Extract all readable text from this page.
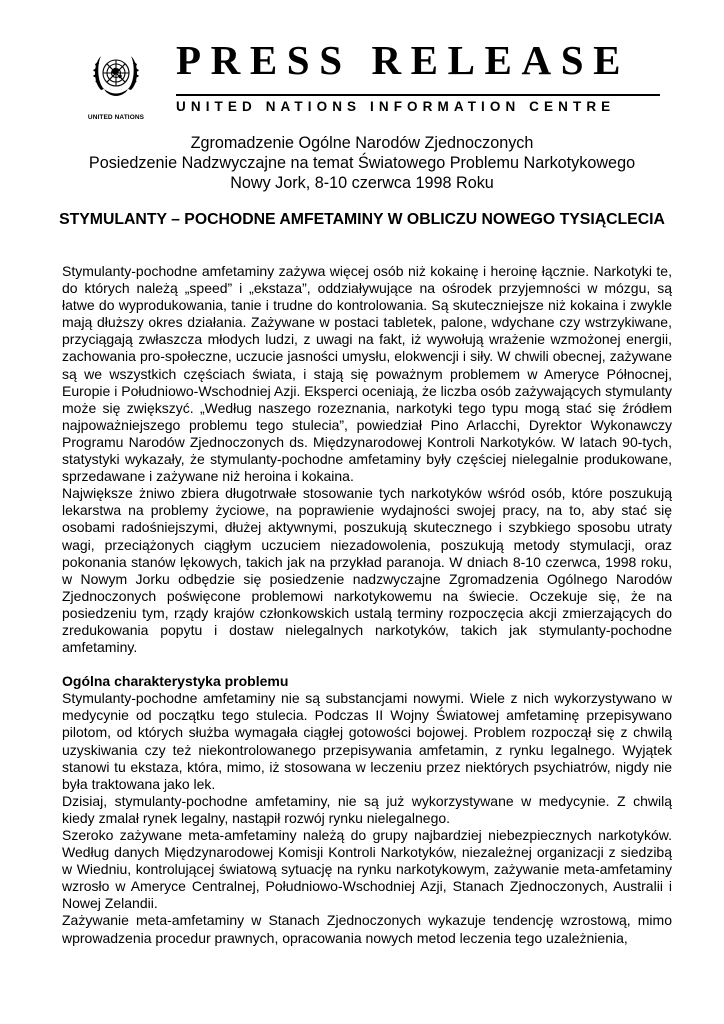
UNITED NATIONS
PRESS RELEASE
UNITED NATIONS INFORMATION CENTRE
Zgromadzenie Ogólne Narodów Zjednoczonych
Posiedzenie Nadzwyczajne na temat Światowego Problemu Narkotykowego
Nowy Jork, 8-10 czerwca 1998 Roku
STYMULANTY – POCHODNE AMFETAMINY W OBLICZU NOWEGO TYSIĄCLECIA

Stymulanty-pochodne amfetaminy zażywa więcej osób niż kokainę i heroinę łącznie. Narkotyki te, do których należą „speed” i „ekstaza”, oddziaływujące na ośrodek przyjemności w mózgu, są łatwe do wyprodukowania, tanie i trudne do kontrolowania. Są skuteczniejsze niż kokaina i zwykle mają dłuższy okres działania. Zażywane w postaci tabletek, palone, wdychane czy wstrzykiwane, przyciągają zwłaszcza młodych ludzi, z uwagi na fakt, iż wywołują wrażenie wzmożonej energii, zachowania pro-społeczne, uczucie jasności umysłu, elokwencji i siły. W chwili obecnej, zażywane są we wszystkich częściach świata, i stają się poważnym problemem w Ameryce Północnej, Europie i Południowo-Wschodniej Azji. Eksperci oceniają, że liczba osób zażywających stymulanty może się zwiększyć. „Według naszego rozeznania, narkotyki tego typu mogą stać się źródłem najpoważniejszego problemu tego stulecia”, powiedział Pino Arlacchi, Dyrektor Wykonawczy Programu Narodów Zjednoczonych ds. Międzynarodowej Kontroli Narkotyków. W latach 90-tych, statystyki wykazały, że stymulanty-pochodne amfetaminy były częściej nielegalnie produkowane, sprzedawane i zażywane niż heroina i kokaina.

Największe żniwo zbiera długotrwałe stosowanie tych narkotyków wśród osób, które poszukują lekarstwa na problemy życiowe, na poprawienie wydajności swojej pracy, na to, aby stać się osobami radośniejszymi, dłużej aktywnymi, poszukują skutecznego i szybkiego sposobu utraty wagi, przeciążonych ciągłym uczuciem niezadowolenia, poszukują metody stymulacji, oraz pokonania stanów lękowych, takich jak na przykład paranoja. W dniach 8-10 czerwca, 1998 roku, w Nowym Jorku odbędzie się posiedzenie nadzwyczajne Zgromadzenia Ogólnego Narodów Zjednoczonych poświęcone problemowi narkotykowemu na świecie. Oczekuje się, że na posiedzeniu tym, rządy krajów członkowskich ustalą terminy rozpoczęcia akcji zmierzających do zredukowania popytu i dostaw nielegalnych narkotyków, takich jak stymulanty-pochodne amfetaminy.

Ogólna charakterystyka problemu

Stymulanty-pochodne amfetaminy nie są substancjami nowymi. Wiele z nich wykorzystywano w medycynie od początku tego stulecia. Podczas II Wojny Światowej amfetaminę przepisywano pilotom, od których służba wymagała ciągłej gotowości bojowej. Problem rozpoczął się z chwilą uzyskiwania czy też niekontrolowanego przepisywania amfetamin, z rynku legalnego. Wyjątek stanowi tu ekstaza, która, mimo, iż stosowana w leczeniu przez niektórych psychiatrów, nigdy nie była traktowana jako lek.

Dzisiaj, stymulanty-pochodne amfetaminy, nie są już wykorzystywane w medycynie. Z chwilą kiedy zmalał rynek legalny, nastąpił rozwój rynku nielegalnego.

Szeroko zażywane meta-amfetaminy należą do grupy najbardziej niebezpiecznych narkotyków. Według danych Międzynarodowej Komisji Kontroli Narkotyków, niezależnej organizacji z siedzibą w Wiedniu, kontrolującej światową sytuację na rynku narkotykowym, zażywanie meta-amfetaminy wzrosło w Ameryce Centralnej, Południowo-Wschodniej Azji, Stanach Zjednoczonych, Australii i Nowej Zelandii.

Zażywanie meta-amfetaminy w Stanach Zjednoczonych wykazuje tendencję wzrostową, mimo wprowadzenia procedur prawnych, opracowania nowych metod leczenia tego uzależnienia,
